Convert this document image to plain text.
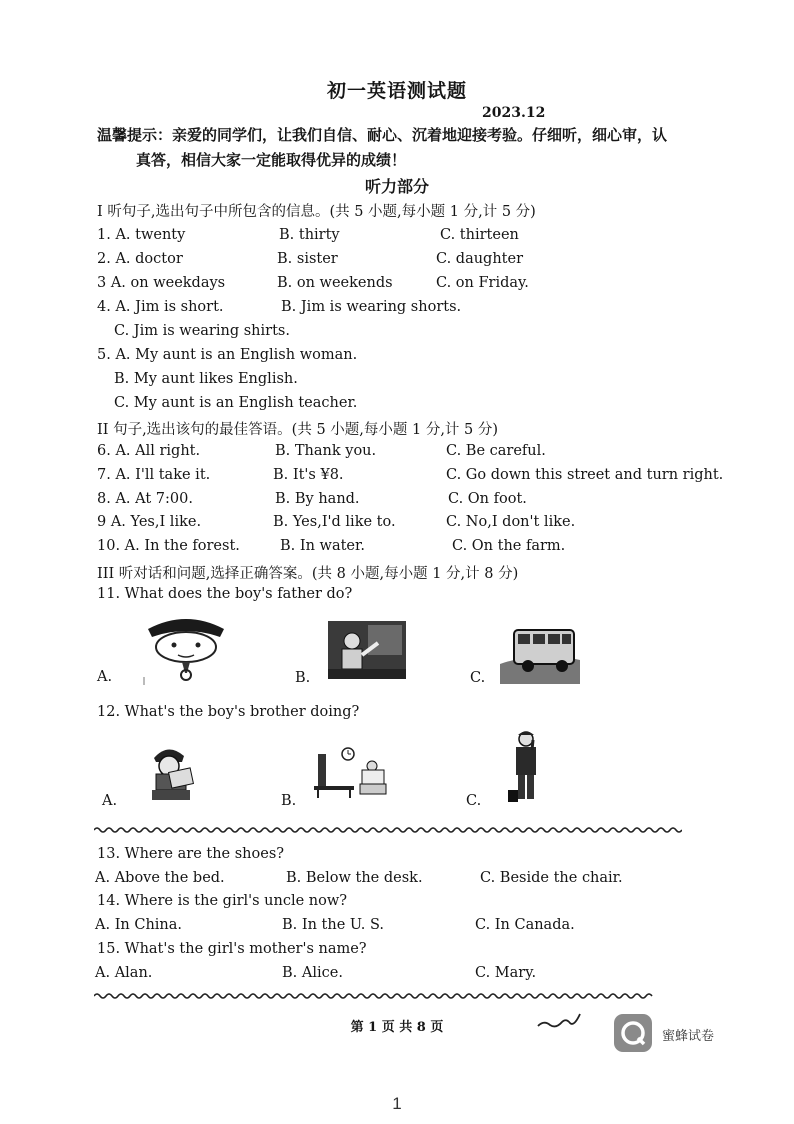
初一英语测试题
2023.12
温馨提示：亲爱的同学们，让我们自信、耐心、沉着地迎接考验。仔细听，细心审，认
真答，相信大家一定能取得优异的成绩！
听力部分
I 听句子,选出句子中所包含的信息。(共 5 小题,每小题 1 分,计 5 分)
1. A. twenty	B. thirty	C. thirteen
2. A. doctor	B. sister	C. daughter
3 A. on weekdays	B. on weekends	C. on Friday.
4. A. Jim is short.	B. Jim is wearing shorts.
C. Jim is wearing shirts.
5. A. My aunt is an English woman.
B. My aunt likes English.
C. My aunt is an English teacher.
II 句子,选出该句的最佳答语。(共 5 小题,每小题 1 分,计 5 分)
6. A. All right.	B. Thank you.	C. Be careful.
7. A. I'll take it.	B. It's ¥8.	C. Go down this street and turn right.
8. A. At 7:00.	B. By hand.	C. On foot.
9 A. Yes,I like.	B. Yes,I'd like to.	C. No,I don't like.
10. A. In the forest.	B. In water.	C. On the farm.
III 听对话和问题,选择正确答案。(共 8 小题,每小题 1 分,计 8 分)
11. What does the boy's father do?
A.	B.	C.
12. What's the boy's brother doing?
A.	B.	C.
13. Where are the shoes?
A. Above the bed.	B. Below the desk.	C. Beside the chair.
14. Where is the girl's uncle now?
A. In China.	B. In the U. S.	C. In Canada.
15. What's the girl's mother's name?
A. Alan.	B. Alice.	C. Mary.
第 1 页 共 8 页
蜜蜂试卷
1
